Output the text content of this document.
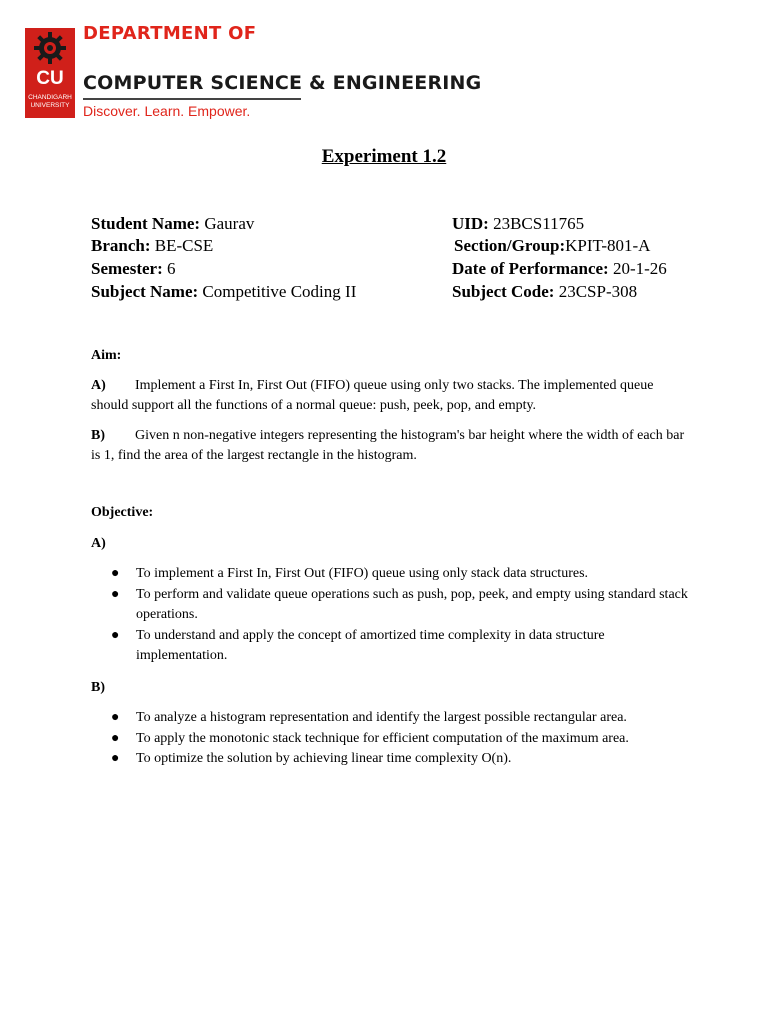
CU
CHANDIGARH UNIVERSITY
DEPARTMENT OF
COMPUTER SCIENCE & ENGINEERING
Discover. Learn. Empower.
Experiment 1.2
Student Name: Gaurav	UID: 23BCS11765
Branch: BE-CSE	Section/Group:KPIT-801-A
Semester: 6	Date of Performance: 20-1-26
Subject Name: Competitive Coding II	Subject Code: 23CSP-308
Aim:
A) Implement a First In, First Out (FIFO) queue using only two stacks. The implemented queue should support all the functions of a normal queue: push, peek, pop, and empty.
B) Given n non-negative integers representing the histogram's bar height where the width of each bar is 1, find the area of the largest rectangle in the histogram.
Objective:
A)
● To implement a First In, First Out (FIFO) queue using only stack data structures.
● To perform and validate queue operations such as push, pop, peek, and empty using standard stack operations.
● To understand and apply the concept of amortized time complexity in data structure implementation.
B)
● To analyze a histogram representation and identify the largest possible rectangular area.
● To apply the monotonic stack technique for efficient computation of the maximum area.
● To optimize the solution by achieving linear time complexity O(n).
